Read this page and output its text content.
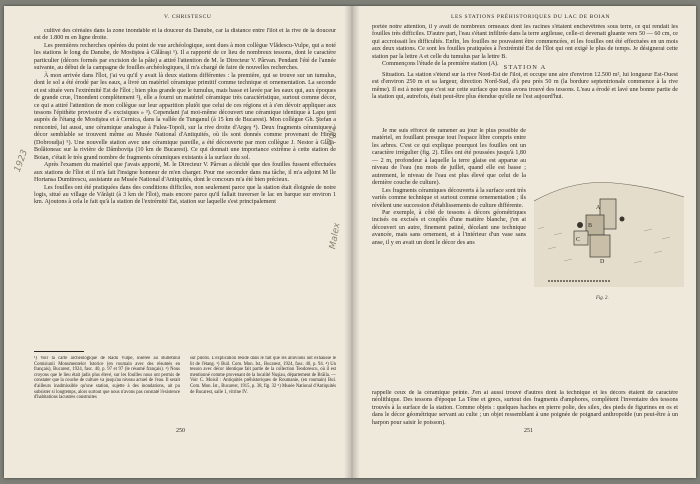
V. CHRISTESCU

cultivé des céréales dans la zone inondable et la douceur du Danube, car la distance entre l'îlot et la rive de la douceur est de 1.800 m en ligne droite.

Les premières recherches opérées du point de vue archéologique, sont dues à mon collègue Vlădescu-Vulpe, qui a noté les stations le long du Danube, de Mostiştea à Călăraşi ¹). Il a rapporté de ce lieu de nombreux tessons, dont le caractère particulier (décors formés par excision de la pâte) a attiré l'attention de M. le Directeur V. Pârvan. Pendant l'été de l'année suivante, au début de la campagne de fouilles archéologiques, il m'a chargé de faire de nouvelles recherches.

À mon arrivée dans l'îlot, j'ai vu qu'il y avait là deux stations différentes : la première, qui se trouve sur un tumulus, dont le sol a été érodé par les eaux, a livré un matériel céramique primitif comme technique et ornementation. La seconde et est située vers l'extrémité Est de l'îlot ; bien plus grande que le tumulus, mais basse et lavée par les eaux qui, aux époques de grande crue, l'inondent complètement ²), elle a fourni un matériel céramique très caractéristique, surtout comme décor, ce qui a attiré l'attention de mon collègue sur leur apparition plutôt que celui de ces régions et à s'en dévoir appliquer aux tessons l'épithète provisoire d'« excisiques » ³). Cependant j'ai moi-même découvert une céramique identique à Lapu ţeni auprès de l'étang de Mostiştea et à Cernica, dans la vallée de Tunganul (à 15 km de Bucarest). Mon collègue Gh. Ştefan a rencontré, lui aussi, une céramique analogue à Fulea-Topoli, sur la rive droite d'Argeş ⁴). Deux fragments céramiques à décor semblable se trouvent même au Musée National d'Antiquités, où ils sont donnés comme provenant de Hinog (Dobroudja) ⁵). Une nouvelle station avec une céramique pareille, a été découverte par mon collègue J. Nestor à Glina-Bolătoneac sur la rivière de Dâmboviţa (10 km de Bucarest). Ce qui donnait une importance extrême à cette station de Boian, c'était le très grand nombre de fragments céramiques existants à la surface du sol.

Après l'examen du matériel que j'avais apporté, M. le Directeur V. Pârvan a décidé que des fouilles fussent effectuées aux stations de l'îlot et il m'a fait l'insigne honneur de m'en charger. Pour me seconder dans ma tâche, il m'a adjoint M lle Hortansa Dumitrescu, assistante au Musée National d'Antiquités, dont le concours m'a été bien précieux.

Les fouilles ont été pratiquées dans des conditions difficiles, non seulement parce que la station était éloignée de notre logis, situé au village de Vărăşti (à 3 km de l'îlot), mais encore parce qu'il fallait traverser le lac en barque sur environ 1 km. Ajoutons à cela le fait qu'à la station de l'extrémité Est, station sur laquelle s'est principalement

¹) Voir la carte archéologique de Radu Vulpe, insérée au Bulletinul Comisiunii Monumentelor Istorice (en roumain avec des résumés en français), Bucarest, 1924, fasc. 40, p. 97 et 97 (le résumé français). ²) Nous croyons que le lieu était jadis plus élevé, sur les fouilles nous ont permis de constater que la couche de culture va jusqu'au niveau actuel de l'eau. Il serait d'ailleurs inadmissible qu'une station, sujette à des inondations, ait pu subsister si longtemps, alors surtout que nous n'avons pas constaté l'existence d'habitations lacustres construites
sur pilotis. L'explication réside dans le fait que les alluvions ont exhaussé le lit de l'étang. ³) Buil. Com. Mon. Ist., Bucarest, 1924, fasc. 40, p. 94. ⁴) Un tesson avec décor identique fait partie de la collection Teodorescu, où il est mentionné comme provenant de la localité Nuşiau, département de Brăila. — Voir C. Moisil : Antiquités préhistoriques de Roumanie, (en roumain) Bul. Com. Mon. Ist., Bucarest, 1915, p. 38, fig. 32 ⁵) Musée National d'Antiquités de Bucarest, salle 1, vitrine IV.
250
1923
Holz
Malex
LES STATIONS PRÉHISTORIQUES DU LAC DE BOIAN

portée notre attention, il y avait de nombreux ormeaux dont les racines s'étaient enchevêtrées sous terre, ce qui rendait les fouilles très difficiles. D'autre part, l'eau s'étant infiltrée dans la terre argileuse, celle-ci devenait gluante vers 50 — 60 cm, ce qui accroissait les difficultés. Enfin, les fouilles ne pouvaient être commencées, et les fouilles ont été effectuées en un mois aux deux stations. Ce sont les fouilles pratiquées à l'extrémité Est de l'îlot qui ont exigé le plus de temps. Je désignerai cette station par la lettre A et celle du tumulus par la lettre B.

Commençons l'étude de la première station (A). STATION A

Situation. La station s'étend sur la rive Nord-Est de l'îlot, et occupe une aire d'environ 12.500 m², lui longueur Est-Ouest est d'environ 250 m et sa largeur, direction Nord-Sud, d'à peu près 50 m (la bordure septentrionale commence à la rive même). Il est à noter que c'est sur cette surface que nous avons trouvé des tessons. L'eau a érodé et lavé une bonne partie de la station qui, autrefois, était peut-être plus étendue qu'elle ne l'est aujourd'hui.

Je me suis efforcé de ramener au jour le plus possible de matériel, en fouillant presque tout l'espace libre compris entre les arbres. C'est ce qui explique pourquoi les fouilles ont un caractère irrégulier (fig. 2). Elles ont été poussées jusqu'à 1,80 — 2 m, profondeur à laquelle la terre glaise est apparue au niveau de l'eau (nu mois de juillet, quand elle est basse ; autrement, le niveau de l'eau est plus élevé que celui de la dernière couche de culture).

Les fragments céramiques découverts à la surface sont très variés comme technique et surtout comme ornementation ; ils révèlent une succession d'établissements de culture différente.

Par exemple, à côté de tessons à décors géométriques incisés ou excisés et couplés d'une matière blanche, j'en ai découvert un autre, finement patiné, décelant une technique avancée, mais sans ornement, et à l'intérieur d'un vase sans anse, il y en avait un dont le décor des ans

A
B
C
D
Fig. 2.

rappelle ceux de la céramique peinte. J'en ai aussi trouvé d'autres dont la technique et les décors étaient de caractère néolithique. Des tessons d'époque La Tène et grecs, surtout des fragments d'amphores, complètent l'inventaire des tessons trouvés à la surface de la station. Comme objets : quelques haches en pierre polie, des silex, des pieds de figurines en os et dans le décor géométrique servant au culte ; un objet ressemblant à une poignée de poignard anthropoïde (un peut-être à un harpon pour saisir le poisson).

251
